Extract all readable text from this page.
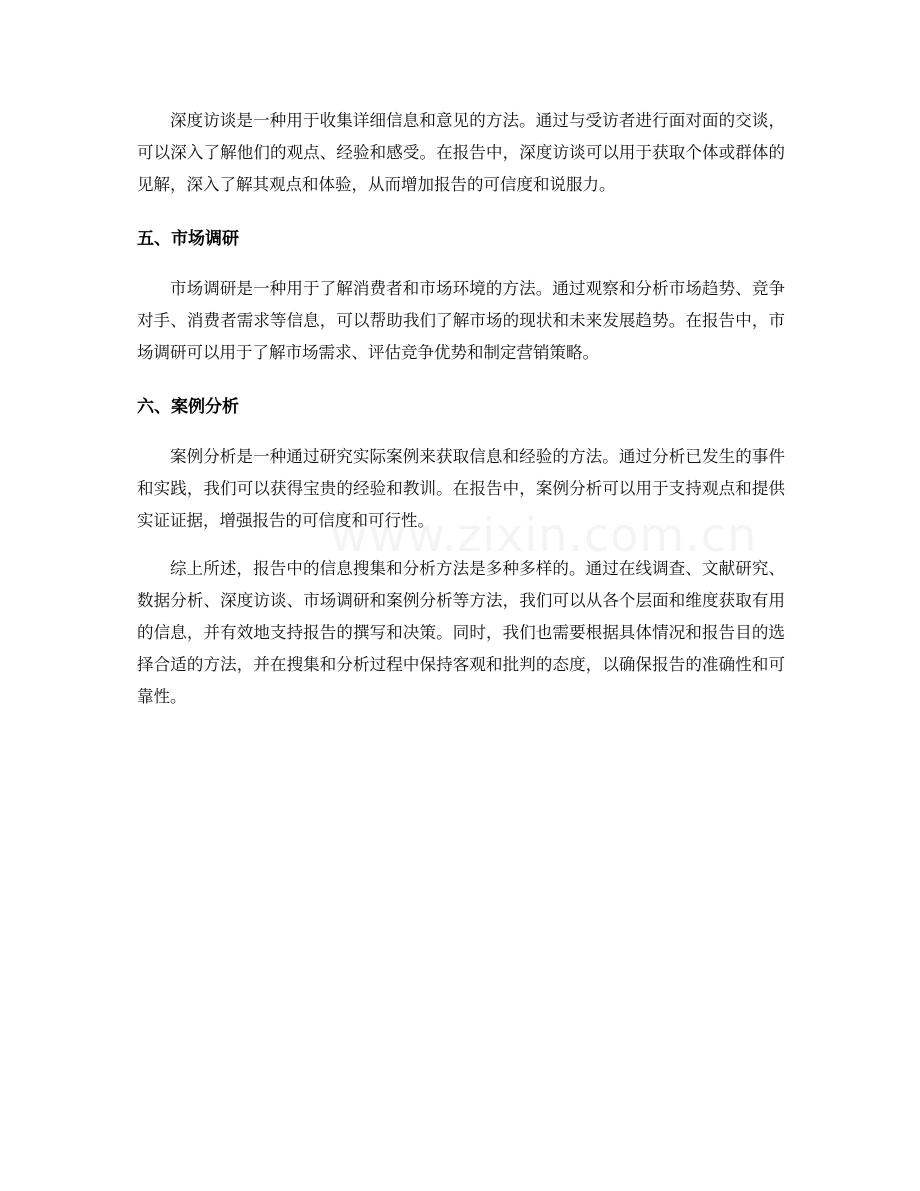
深度访谈是一种用于收集详细信息和意见的方法。通过与受访者进行面对面的交谈，可以深入了解他们的观点、经验和感受。在报告中，深度访谈可以用于获取个体或群体的见解，深入了解其观点和体验，从而增加报告的可信度和说服力。

五、市场调研

市场调研是一种用于了解消费者和市场环境的方法。通过观察和分析市场趋势、竞争对手、消费者需求等信息，可以帮助我们了解市场的现状和未来发展趋势。在报告中，市场调研可以用于了解市场需求、评估竞争优势和制定营销策略。

六、案例分析

案例分析是一种通过研究实际案例来获取信息和经验的方法。通过分析已发生的事件和实践，我们可以获得宝贵的经验和教训。在报告中，案例分析可以用于支持观点和提供实证证据，增强报告的可信度和可行性。

综上所述，报告中的信息搜集和分析方法是多种多样的。通过在线调查、文献研究、数据分析、深度访谈、市场调研和案例分析等方法，我们可以从各个层面和维度获取有用的信息，并有效地支持报告的撰写和决策。同时，我们也需要根据具体情况和报告目的选择合适的方法，并在搜集和分析过程中保持客观和批判的态度，以确保报告的准确性和可靠性。
